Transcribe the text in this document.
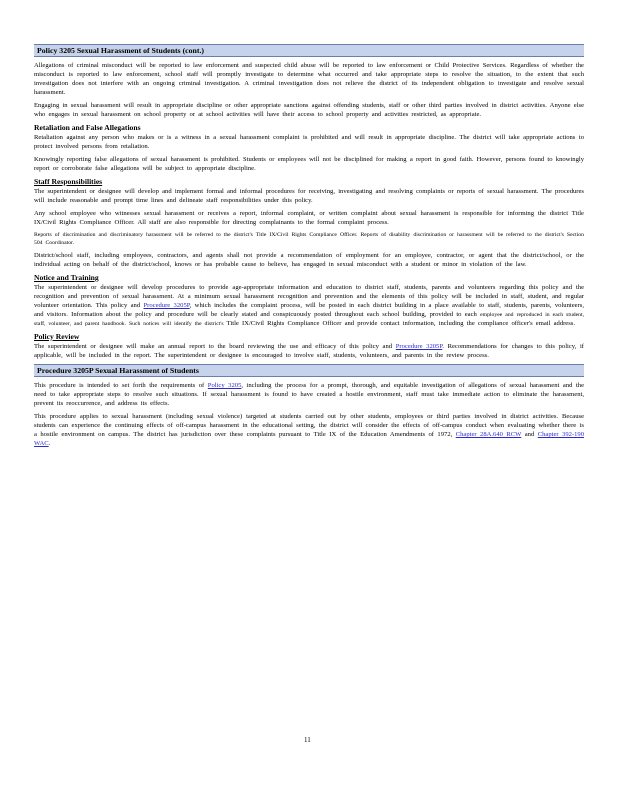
Policy 3205 Sexual Harassment of Students (cont.)

Allegations of criminal misconduct will be reported to law enforcement and suspected child abuse will be reported to law enforcement or Child Protective Services. Regardless of whether the misconduct is reported to law enforcement, school staff will promptly investigate to determine what occurred and take appropriate steps to resolve the situation, to the extent that such investigation does not interfere with an ongoing criminal investigation. A criminal investigation does not relieve the district of its independent obligation to investigate and resolve sexual harassment.

Engaging in sexual harassment will result in appropriate discipline or other appropriate sanctions against offending students, staff or other third parties involved in district activities. Anyone else who engages in sexual harassment on school property or at school activities will have their access to school property and activities restricted, as appropriate.

Retaliation and False Allegations

Retaliation against any person who makes or is a witness in a sexual harassment complaint is prohibited and will result in appropriate discipline. The district will take appropriate actions to protect involved persons from retaliation.

Knowingly reporting false allegations of sexual harassment is prohibited. Students or employees will not be disciplined for making a report in good faith. However, persons found to knowingly report or corroborate false allegations will be subject to appropriate discipline.

Staff Responsibilities

The superintendent or designee will develop and implement formal and informal procedures for receiving, investigating and resolving complaints or reports of sexual harassment. The procedures will include reasonable and prompt time lines and delineate staff responsibilities under this policy.

Any school employee who witnesses sexual harassment or receives a report, informal complaint, or written complaint about sexual harassment is responsible for informing the district Title IX/Civil Rights Compliance Officer. All staff are also responsible for directing complainants to the formal complaint process.

Reports of discrimination and discriminatory harassment will be referred to the district's Title IX/Civil Rights Compliance Officer. Reports of disability discrimination or harassment will be referred to the district's Section 504 Coordinator.

District/school staff, including employees, contractors, and agents shall not provide a recommendation of employment for an employee, contractor, or agent that the district/school, or the individual acting on behalf of the district/school, knows or has probable cause to believe, has engaged in sexual misconduct with a student or minor in violation of the law.

Notice and Training

The superintendent or designee will develop procedures to provide age-appropriate information and education to district staff, students, parents and volunteers regarding this policy and the recognition and prevention of sexual harassment. At a minimum sexual harassment recognition and prevention and the elements of this policy will be included in staff, student, and regular volunteer orientation. This policy and Procedure 3205P, which includes the complaint process, will be posted in each district building in a place available to staff, students, parents, volunteers, and visitors. Information about the policy and procedure will be clearly stated and conspicuously posted throughout each school building, provided to each employee and reproduced in each student, staff, volunteer, and parent handbook. Such notices will identify the district's Title IX/Civil Rights Compliance Officer and provide contact information, including the compliance officer's email address.

Policy Review

The superintendent or designee will make an annual report to the board reviewing the use and efficacy of this policy and Procedure 3205P. Recommendations for changes to this policy, if applicable, will be included in the report. The superintendent or designee is encouraged to involve staff, students, volunteers, and parents in the review process.

Procedure 3205P Sexual Harassment of Students

This procedure is intended to set forth the requirements of Policy 3205, including the process for a prompt, thorough, and equitable investigation of allegations of sexual harassment and the need to take appropriate steps to resolve such situations. If sexual harassment is found to have created a hostile environment, staff must take immediate action to eliminate the harassment, prevent its reoccurrence, and address its effects.

This procedure applies to sexual harassment (including sexual violence) targeted at students carried out by other students, employees or third parties involved in district activities. Because students can experience the continuing effects of off-campus harassment in the educational setting, the district will consider the effects of off-campus conduct when evaluating whether there is a hostile environment on campus. The district has jurisdiction over these complaints pursuant to Title IX of the Education Amendments of 1972, Chapter 28A.640 RCW and Chapter 392-190 WAC.

11
